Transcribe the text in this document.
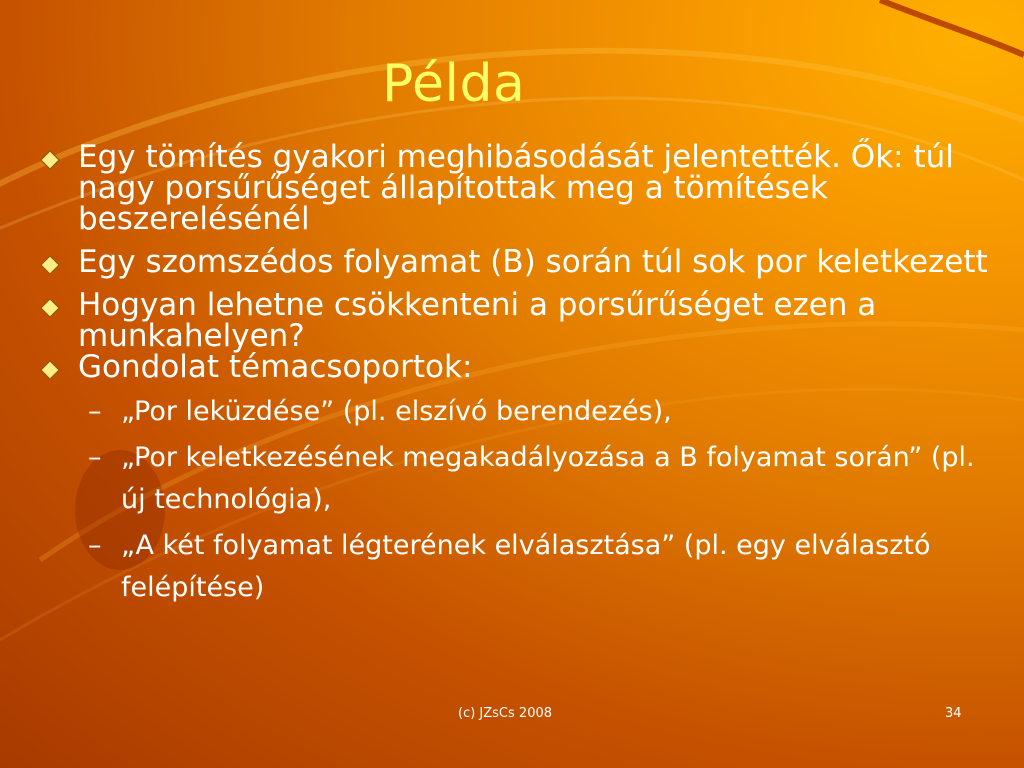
Példa
Egy tömítés gyakori meghibásodását jelentették. Ők: túl nagy porsűrűséget állapítottak meg a tömítések beszerelésénél
Egy szomszédos folyamat (B) során túl sok por keletkezett
Hogyan lehetne csökkenteni a porsűrűséget ezen a munkahelyen?
Gondolat témacsoportok:
– „Por leküzdése” (pl. elszívó berendezés),
– „Por keletkezésének megakadályozása a B folyamat során” (pl. új technológia),
– „A két folyamat légterének elválasztása” (pl. egy elválasztó felépítése)
(c) JZsCs 2008	34
